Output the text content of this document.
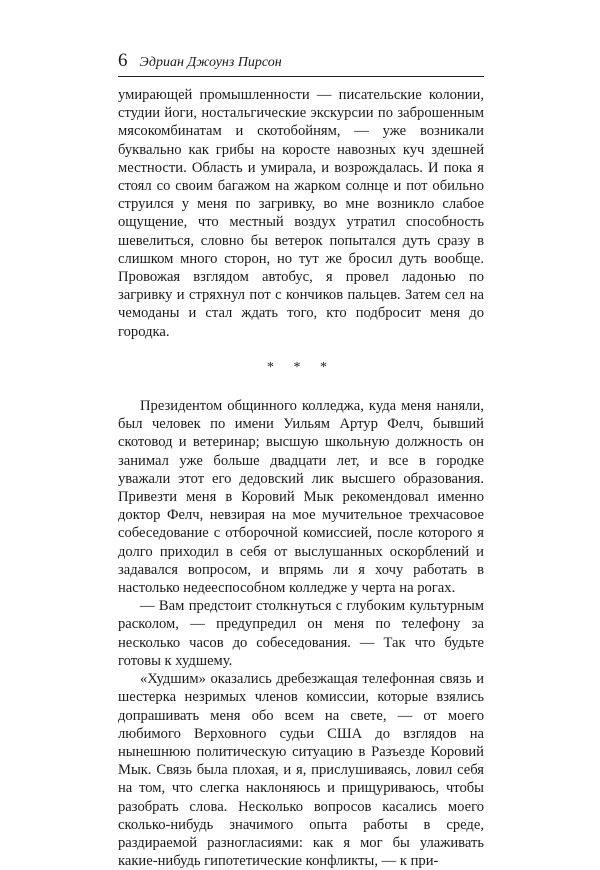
6 Эдриан Джоунз Пирсон

умирающей промышленности — писательские колонии, студии йоги, ностальгические экскурсии по заброшенным мясокомбинатам и скотобойням, — уже возникали буквально как грибы на коросте навозных куч здешней местности. Область и умирала, и возрождалась. И пока я стоял со своим багажом на жарком солнце и пот обильно струился у меня по загривку, во мне возникло слабое ощущение, что местный воздух утратил способность шевелиться, словно бы ветерок попытался дуть сразу в слишком много сторон, но тут же бросил дуть вообще. Провожая взглядом автобус, я провел ладонью по загривку и стряхнул пот с кончиков пальцев. Затем сел на чемоданы и стал ждать того, кто подбросит меня до городка.

* * *

Президентом общинного колледжа, куда меня наняли, был человек по имени Уильям Артур Фелч, бывший скотовод и ветеринар; высшую школьную должность он занимал уже больше двадцати лет, и все в городке уважали этот его дедовский лик высшего образования. Привезти меня в Коровий Мык рекомендовал именно доктор Фелч, невзирая на мое мучительное трехчасовое собеседование с отборочной комиссией, после которого я долго приходил в себя от выслушанных оскорблений и задавался вопросом, и впрямь ли я хочу работать в настолько недееспособном колледже у черта на рогах.

— Вам предстоит столкнуться с глубоким культурным расколом, — предупредил он меня по телефону за несколько часов до собеседования. — Так что будьте готовы к худшему.

«Худшим» оказались дребезжащая телефонная связь и шестерка незримых членов комиссии, которые взялись допрашивать меня обо всем на свете, — от моего любимого Верховного судьи США до взглядов на нынешнюю политическую ситуацию в Разъезде Коровий Мык. Связь была плохая, и я, прислушиваясь, ловил себя на том, что слегка наклоняюсь и прищуриваюсь, чтобы разобрать слова. Несколько вопросов касались моего сколько-нибудь значимого опыта работы в среде, раздираемой разногласиями: как я мог бы улаживать какие-нибудь гипотетические конфликты, — к при-
